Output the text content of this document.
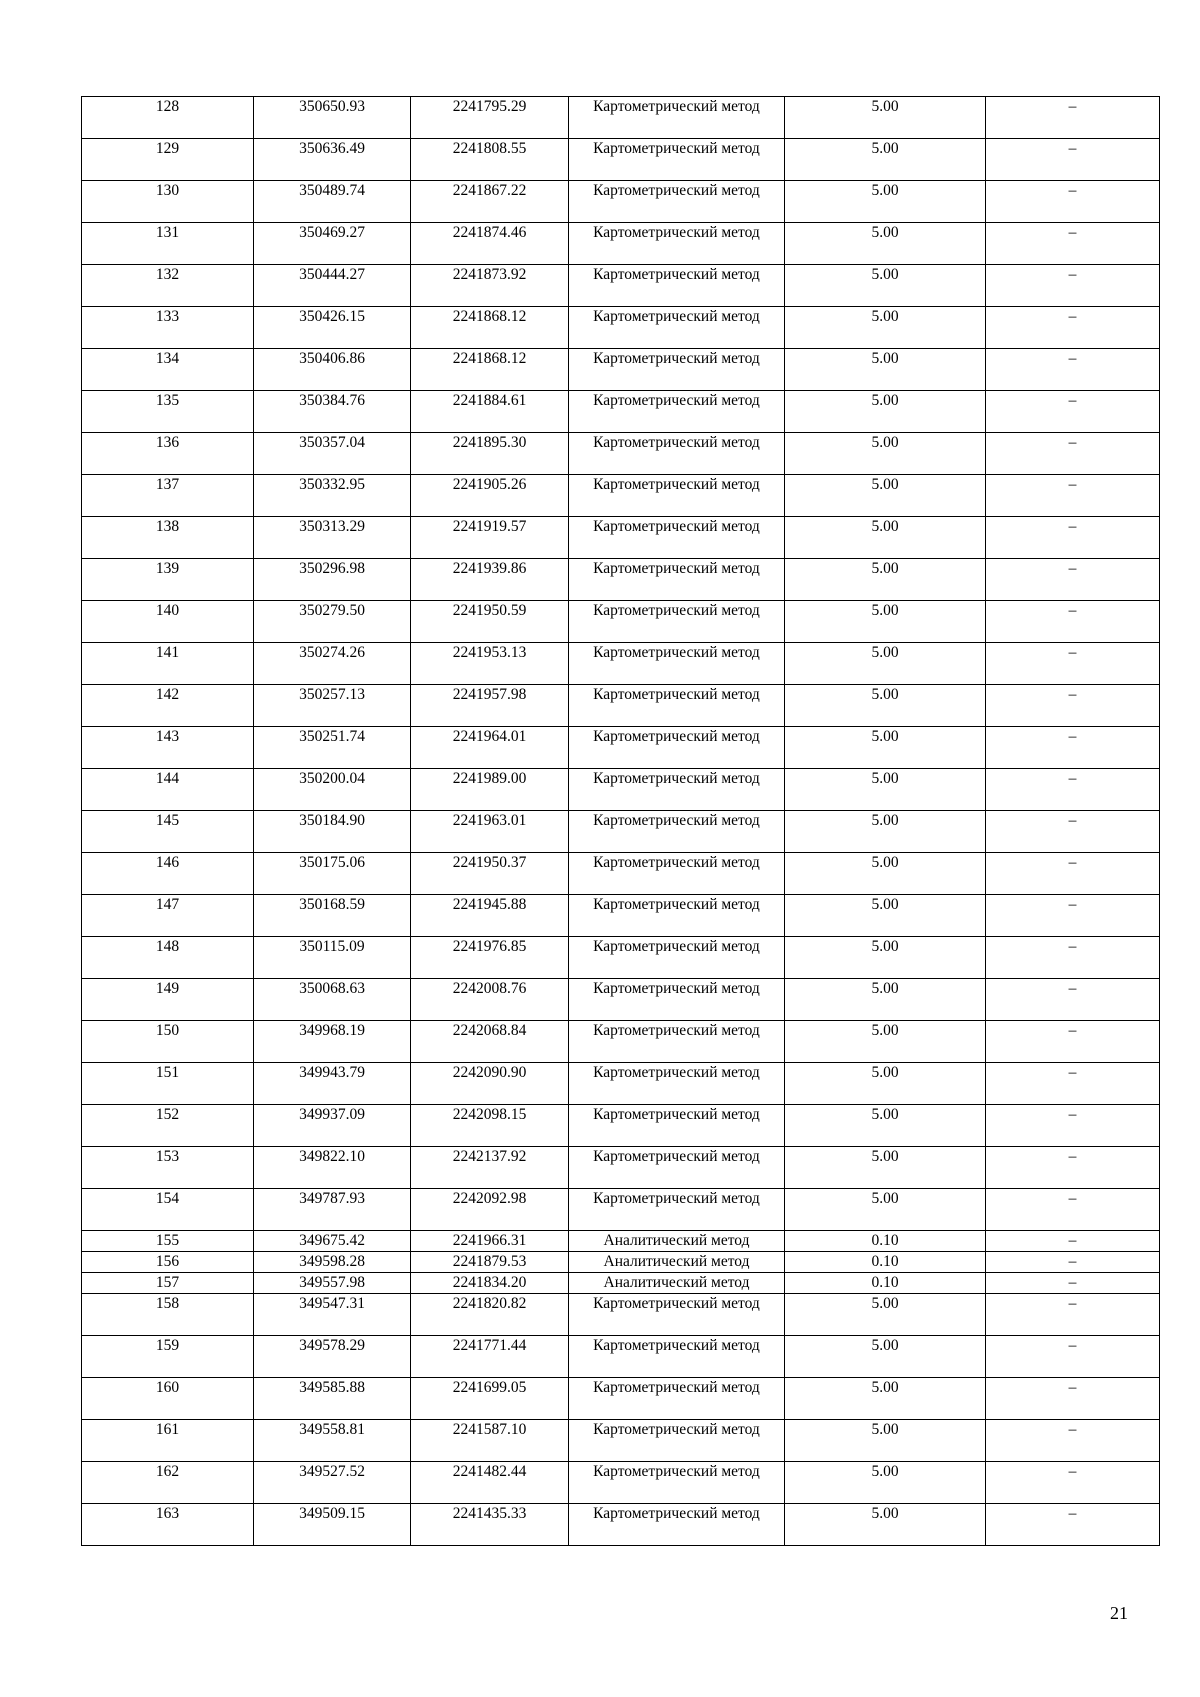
128	350650.93	2241795.29	Картометрический метод	5.00	–
129	350636.49	2241808.55	Картометрический метод	5.00	–
130	350489.74	2241867.22	Картометрический метод	5.00	–
131	350469.27	2241874.46	Картометрический метод	5.00	–
132	350444.27	2241873.92	Картометрический метод	5.00	–
133	350426.15	2241868.12	Картометрический метод	5.00	–
134	350406.86	2241868.12	Картометрический метод	5.00	–
135	350384.76	2241884.61	Картометрический метод	5.00	–
136	350357.04	2241895.30	Картометрический метод	5.00	–
137	350332.95	2241905.26	Картометрический метод	5.00	–
138	350313.29	2241919.57	Картометрический метод	5.00	–
139	350296.98	2241939.86	Картометрический метод	5.00	–
140	350279.50	2241950.59	Картометрический метод	5.00	–
141	350274.26	2241953.13	Картометрический метод	5.00	–
142	350257.13	2241957.98	Картометрический метод	5.00	–
143	350251.74	2241964.01	Картометрический метод	5.00	–
144	350200.04	2241989.00	Картометрический метод	5.00	–
145	350184.90	2241963.01	Картометрический метод	5.00	–
146	350175.06	2241950.37	Картометрический метод	5.00	–
147	350168.59	2241945.88	Картометрический метод	5.00	–
148	350115.09	2241976.85	Картометрический метод	5.00	–
149	350068.63	2242008.76	Картометрический метод	5.00	–
150	349968.19	2242068.84	Картометрический метод	5.00	–
151	349943.79	2242090.90	Картометрический метод	5.00	–
152	349937.09	2242098.15	Картометрический метод	5.00	–
153	349822.10	2242137.92	Картометрический метод	5.00	–
154	349787.93	2242092.98	Картометрический метод	5.00	–
155	349675.42	2241966.31	Аналитический метод	0.10	–
156	349598.28	2241879.53	Аналитический метод	0.10	–
157	349557.98	2241834.20	Аналитический метод	0.10	–
158	349547.31	2241820.82	Картометрический метод	5.00	–
159	349578.29	2241771.44	Картометрический метод	5.00	–
160	349585.88	2241699.05	Картометрический метод	5.00	–
161	349558.81	2241587.10	Картометрический метод	5.00	–
162	349527.52	2241482.44	Картометрический метод	5.00	–
163	349509.15	2241435.33	Картометрический метод	5.00	–
21
